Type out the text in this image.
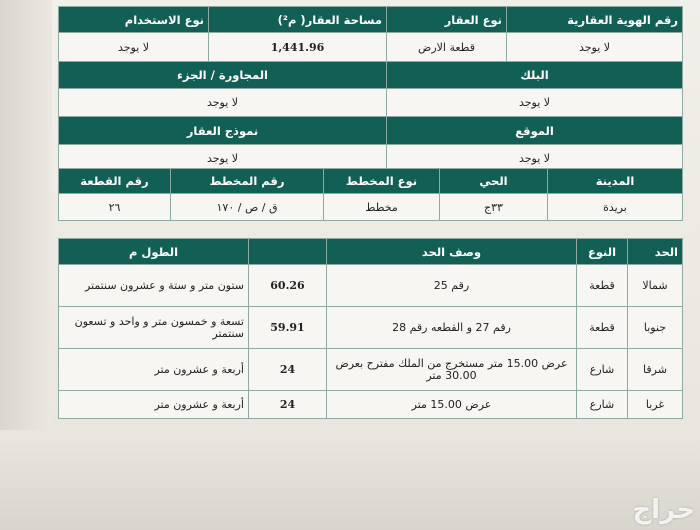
رقم الهوية العقارية	نوع العقار	مساحة العقار( م²)	نوع الاستخدام
لا يوجد	قطعة الارض	1,441.96	لا يوجد
البلك		المجاورة / الجزء	
لا يوجد		لا يوجد	
الموقع		نموذج العقار	
لا يوجد		لا يوجد	
المدينة	الحي	نوع المخطط	رقم المخطط	رقم القطعة
بريدة	٣٣ج	مخطط	ق / ص / ١٧٠	٢٦
الحد	النوع	وصف الحد		الطول م
شمالا	قطعة	رقم 25	60.26	ستون متر و ستة و عشرون سنتمتر
جنوبا	قطعة	رقم 27 و القطعه رقم 28	59.91	تسعة و خمسون متر و واحد و تسعون سنتمتر
شرقا	شارع	عرض 15.00 متر مستخرج من الملك مفترح بعرض 30.00 متر	24	أربعة و عشرون متر
غربا	شارع	عرض 15.00 متر	24	أربعة و عشرون متر
حراج
